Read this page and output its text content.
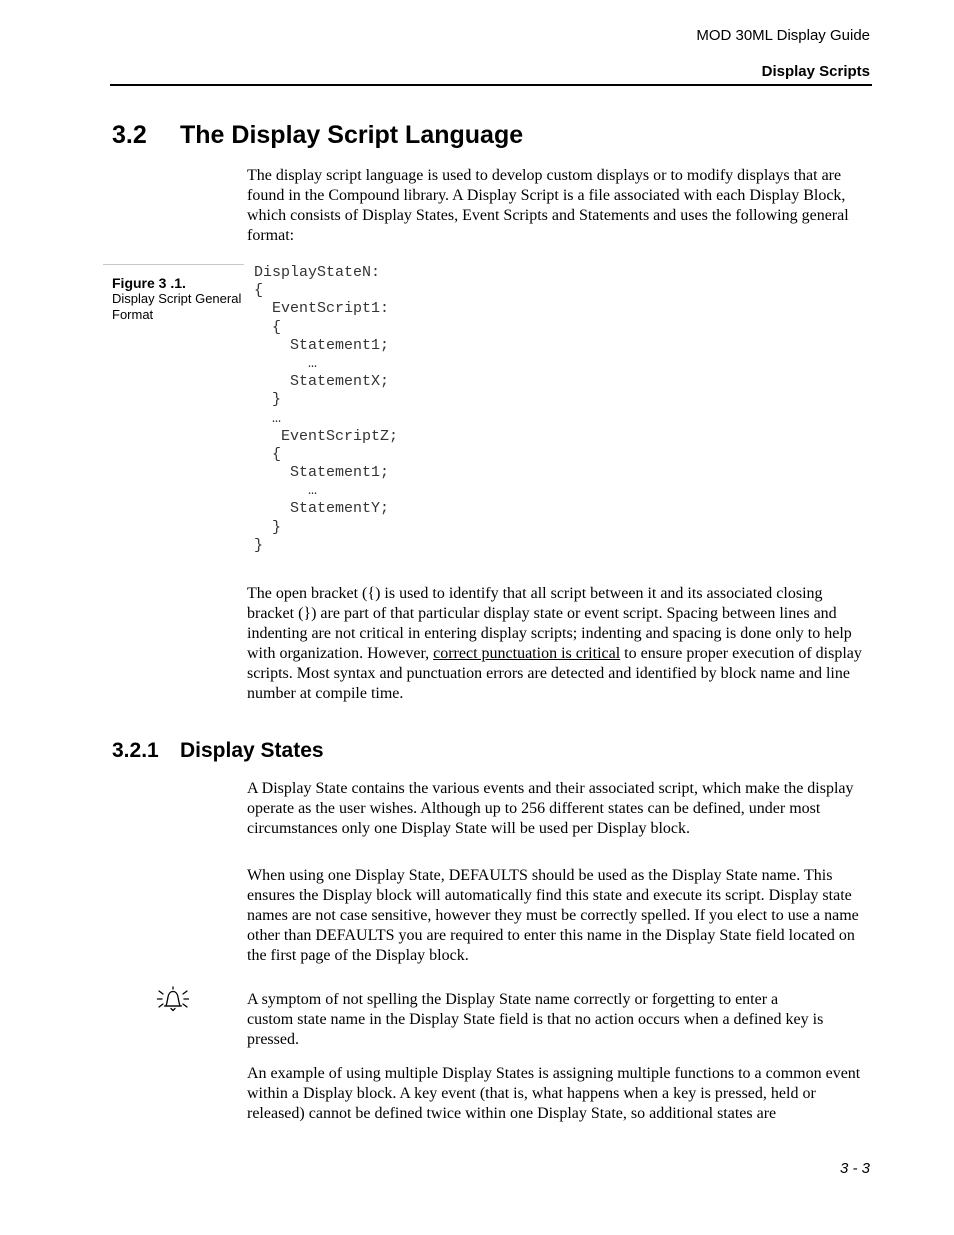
MOD 30ML Display Guide
Display Scripts
3.2 The Display Script Language

The display script language is used to develop custom displays or to modify displays that are found in the Compound library. A Display Script is a file associated with each Display Block, which consists of Display States, Event Scripts and Statements and uses the following general format:

Figure 3 .1.
Display Script General Format
DisplayStateN:
{
EventScript1:
{
Statement1;
…
StatementX;
}
…
EventScriptZ;
{
Statement1;
…
StatementY;
}
}

The open bracket ({) is used to identify that all script between it and its associated closing bracket (}) are part of that particular display state or event script. Spacing between lines and indenting are not critical in entering display scripts; indenting and spacing is done only to help with organization. However, correct punctuation is critical to ensure proper execution of display scripts. Most syntax and punctuation errors are detected and identified by block name and line number at compile time.

3.2.1 Display States

A Display State contains the various events and their associated script, which make the display operate as the user wishes. Although up to 256 different states can be defined, under most circumstances only one Display State will be used per Display block.

When using one Display State, DEFAULTS should be used as the Display State name. This ensures the Display block will automatically find this state and execute its script. Display state names are not case sensitive, however they must be correctly spelled. If you elect to use a name other than DEFAULTS you are required to enter this name in the Display State field located on the first page of the Display block.

A symptom of not spelling the Display State name correctly or forgetting to enter a custom state name in the Display State field is that no action occurs when a defined key is pressed.

An example of using multiple Display States is assigning multiple functions to a common event within a Display block. A key event (that is, what happens when a key is pressed, held or released) cannot be defined twice within one Display State, so additional states are

3 - 3
